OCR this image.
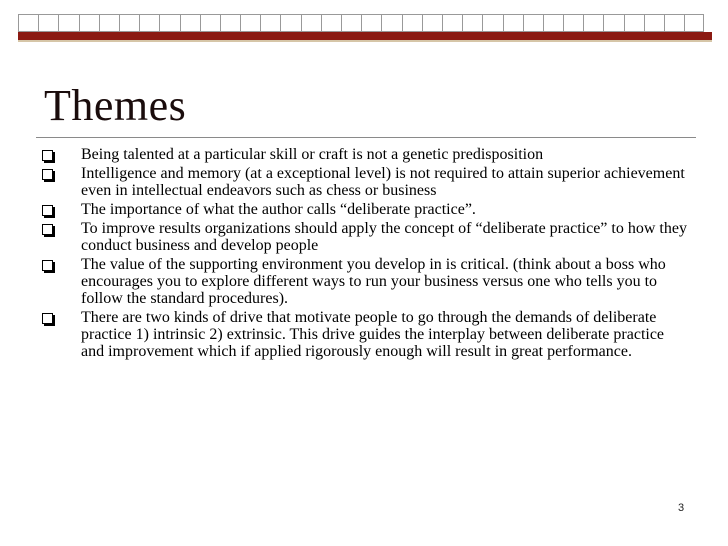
Themes
Being talented at a particular skill or craft is not a genetic predisposition
Intelligence and memory (at a exceptional level) is not required to attain superior achievement even in intellectual endeavors such as chess or business
The importance of what the author calls “deliberate practice”.
To improve results organizations should apply the concept of “deliberate practice” to how they conduct business and develop people
The value of the supporting environment you develop in is critical. (think about a boss who encourages you to explore different ways to run your business versus one who tells you to follow the standard procedures).
There are two kinds of drive that motivate people to go through the demands of deliberate practice 1) intrinsic 2) extrinsic. This drive guides the interplay between deliberate practice and improvement which if applied rigorously enough will result in great performance.
3
